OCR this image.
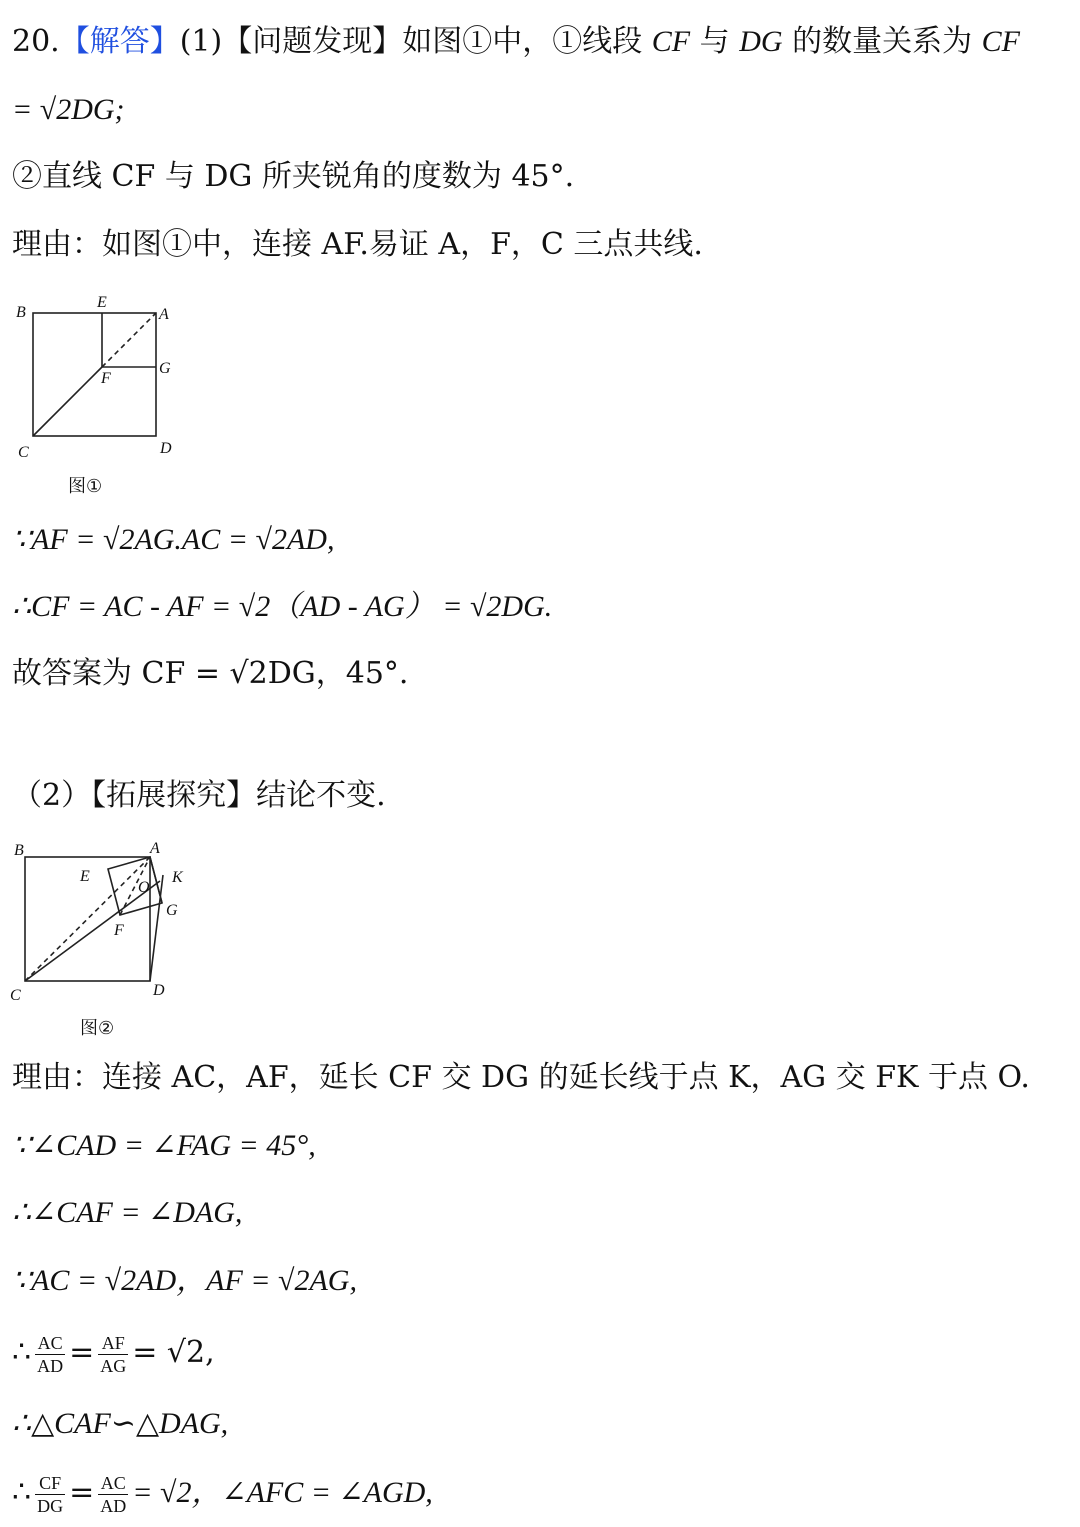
20.【解答】(1)【问题发现】如图①中，①线段 CF 与 DG 的数量关系为 CF
= √2DG;
②直线 CF 与 DG 所夹锐角的度数为 45°.
理由：如图①中，连接 AF.易证 A，F，C 三点共线.
B
E
A
G
F
C	D
图①
∵AF = √2AG.AC = √2AD,
∴CF = AC - AF = √2（AD - AG） = √2DG.
故答案为 CF = √2DG，45°.
（2）【拓展探究】结论不变.
B	A
E	K
O
G
F
C	D
图②
理由：连接 AC，AF，延长 CF 交 DG 的延长线于点 K，AG 交 FK 于点 O.
∵∠CAD = ∠FAG = 45°,
∴∠CAF = ∠DAG,
∵AC = √2AD，AF = √2AG,
∴ $\frac{AC}{AD} = \frac{AF}{AG} = √2$,
∴△CAF∽△DAG,
∴ $\frac{CF}{DG} = \frac{AC}{AD} = √2$，∠AFC = ∠AGD,
